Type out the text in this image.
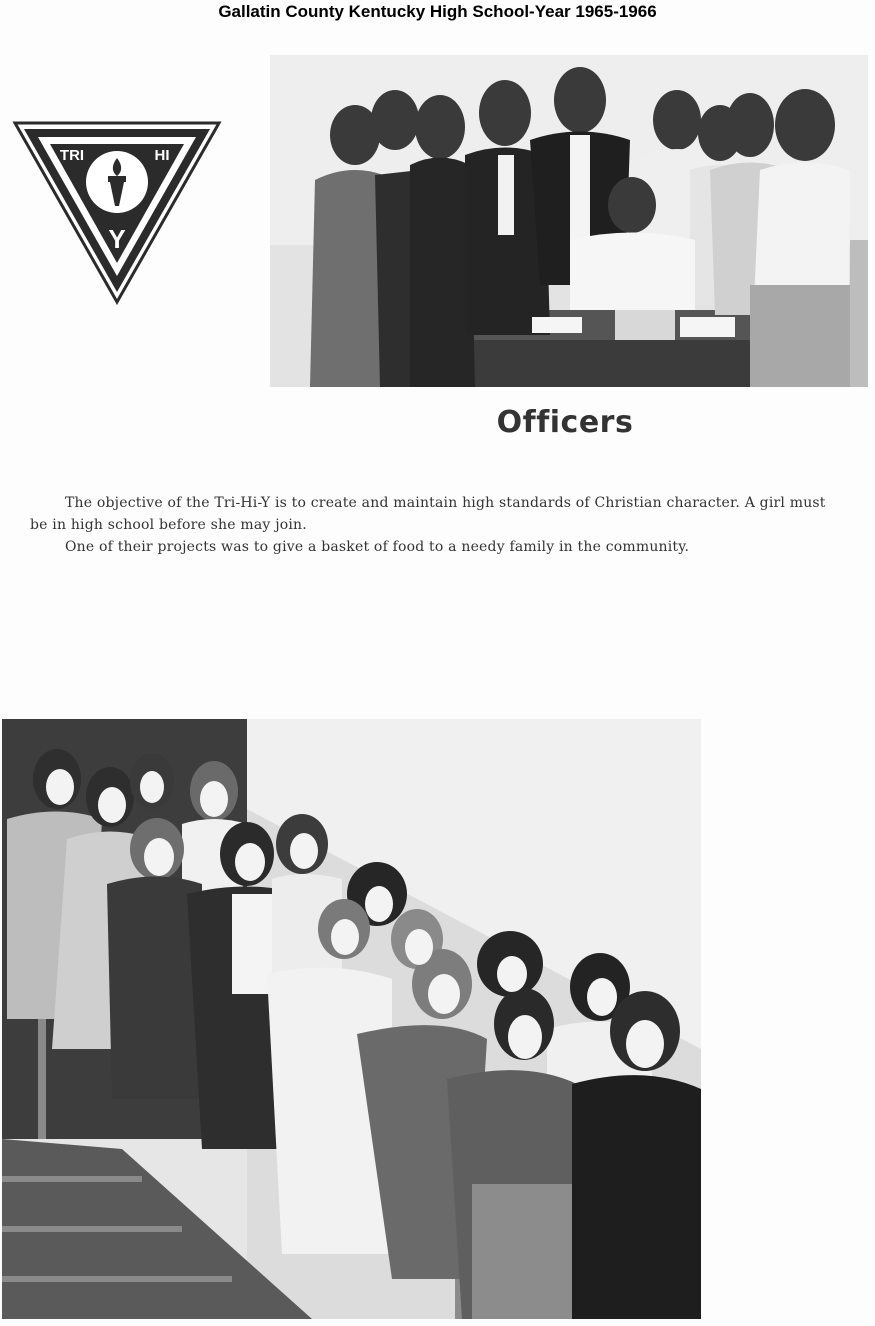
Gallatin County Kentucky High School-Year 1965-1966
TRI	HI
Y
Officers

The objective of the Tri-Hi-Y is to create and maintain high standards of Christian character. A girl must be in high school before she may join.

One of their projects was to give a basket of food to a needy family in the community.
